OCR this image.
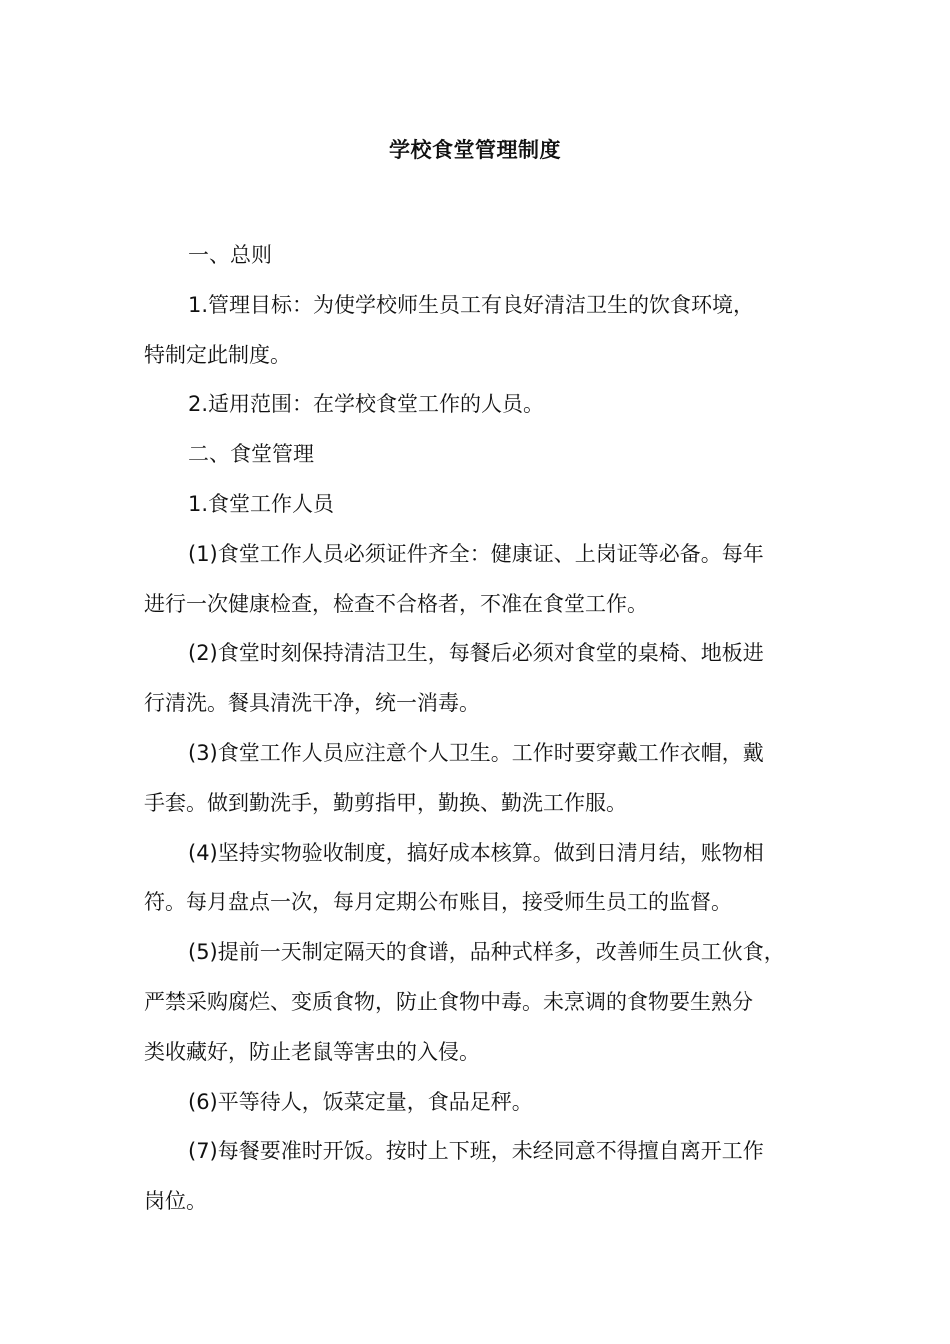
学校食堂管理制度

一、总则

1.管理目标：为使学校师生员工有良好清洁卫生的饮食环境，
特制定此制度。

2.适用范围：在学校食堂工作的人员。

二、食堂管理

1.食堂工作人员

(1)食堂工作人员必须证件齐全：健康证、上岗证等必备。每年
进行一次健康检查，检查不合格者，不准在食堂工作。

(2)食堂时刻保持清洁卫生，每餐后必须对食堂的桌椅、地板进
行清洗。餐具清洗干净，统一消毒。

(3)食堂工作人员应注意个人卫生。工作时要穿戴工作衣帽，戴
手套。做到勤洗手，勤剪指甲，勤换、勤洗工作服。

(4)坚持实物验收制度，搞好成本核算。做到日清月结，账物相
符。每月盘点一次，每月定期公布账目，接受师生员工的监督。

(5)提前一天制定隔天的食谱，品种式样多，改善师生员工伙食，
严禁采购腐烂、变质食物，防止食物中毒。未烹调的食物要生熟分
类收藏好，防止老鼠等害虫的入侵。

(6)平等待人，饭菜定量，食品足秤。

(7)每餐要准时开饭。按时上下班，未经同意不得擅自离开工作
岗位。
